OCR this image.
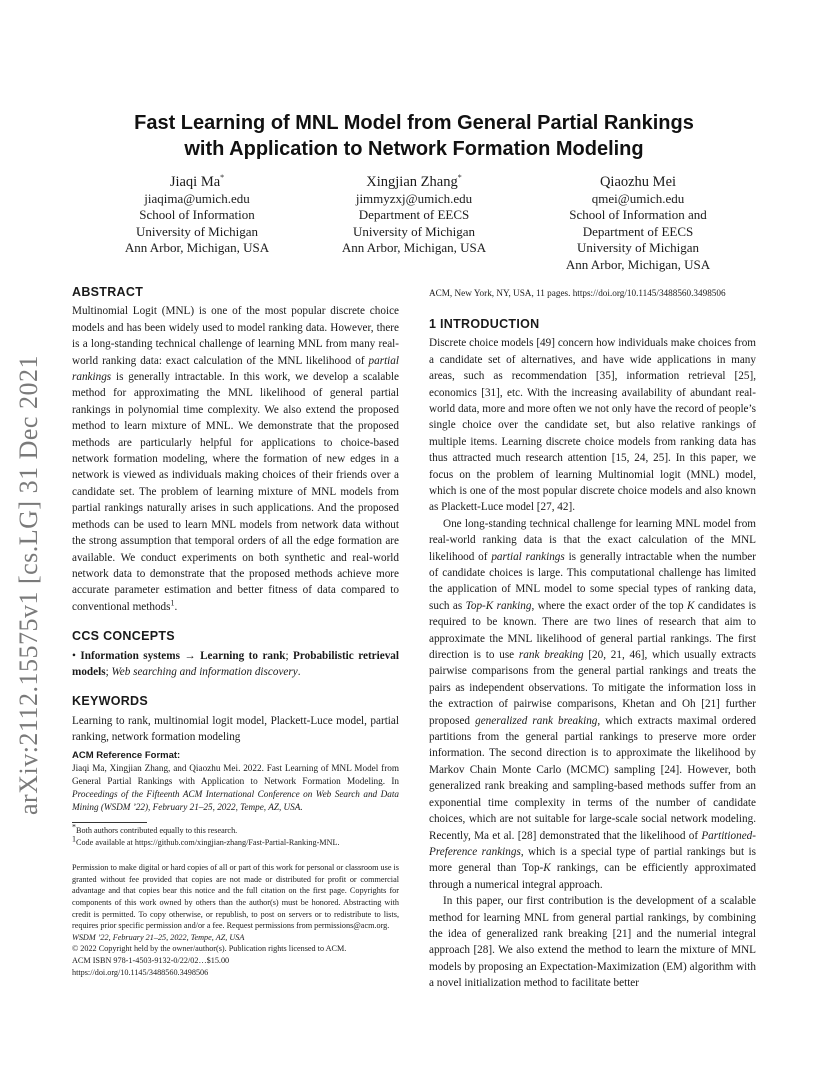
arXiv:2112.15575v1 [cs.LG] 31 Dec 2021
Fast Learning of MNL Model from General Partial Rankings
with Application to Network Formation Modeling
Jiaqi Ma*
jiaqima@umich.edu
School of Information
University of Michigan
Ann Arbor, Michigan, USA
Xingjian Zhang*
jimmyzxj@umich.edu
Department of EECS
University of Michigan
Ann Arbor, Michigan, USA
Qiaozhu Mei
qmei@umich.edu
School of Information and
Department of EECS
University of Michigan
Ann Arbor, Michigan, USA
ABSTRACT

Multinomial Logit (MNL) is one of the most popular discrete choice models and has been widely used to model ranking data. However, there is a long-standing technical challenge of learning MNL from many real-world ranking data: exact calculation of the MNL likelihood of partial rankings is generally intractable. In this work, we develop a scalable method for approximating the MNL likelihood of general partial rankings in polynomial time complexity. We also extend the proposed method to learn mixture of MNL. We demonstrate that the proposed methods are particularly helpful for applications to choice-based network formation modeling, where the formation of new edges in a network is viewed as individuals making choices of their friends over a candidate set. The problem of learning mixture of MNL models from partial rankings naturally arises in such applications. And the proposed methods can be used to learn MNL models from network data without the strong assumption that temporal orders of all the edge formation are available. We conduct experiments on both synthetic and real-world network data to demonstrate that the proposed methods achieve more accurate parameter estimation and better fitness of data compared to conventional methods$^1$.

CCS CONCEPTS

• Information systems → Learning to rank; Probabilistic retrieval models; Web searching and information discovery.

KEYWORDS

Learning to rank, multinomial logit model, Plackett-Luce model, partial ranking, network formation modeling

ACM Reference Format:

Jiaqi Ma, Xingjian Zhang, and Qiaozhu Mei. 2022. Fast Learning of MNL Model from General Partial Rankings with Application to Network Formation Modeling. In Proceedings of the Fifteenth ACM International Conference on Web Search and Data Mining (WSDM ’22), February 21–25, 2022, Tempe, AZ, USA.

*Both authors contributed equally to this research.
1Code available at https://github.com/xingjian-zhang/Fast-Partial-Ranking-MNL.

Permission to make digital or hard copies of all or part of this work for personal or classroom use is granted without fee provided that copies are not made or distributed for profit or commercial advantage and that copies bear this notice and the full citation on the first page. Copyrights for components of this work owned by others than the author(s) must be honored. Abstracting with credit is permitted. To copy otherwise, or republish, to post on servers or to redistribute to lists, requires prior specific permission and/or a fee. Request permissions from permissions@acm.org.

WSDM ’22, February 21–25, 2022, Tempe, AZ, USA
© 2022 Copyright held by the owner/author(s). Publication rights licensed to ACM.
ACM ISBN 978-1-4503-9132-0/22/02…$15.00
https://doi.org/10.1145/3488560.3498506

ACM, New York, NY, USA, 11 pages. https://doi.org/10.1145/3488560.3498506

1 INTRODUCTION

Discrete choice models [49] concern how individuals make choices from a candidate set of alternatives, and have wide applications in many areas, such as recommendation [35], information retrieval [25], economics [31], etc. With the increasing availability of abundant real-world data, more and more often we not only have the record of people’s single choice over the candidate set, but also relative rankings of multiple items. Learning discrete choice models from ranking data has thus attracted much research attention [15, 24, 25]. In this paper, we focus on the problem of learning Multinomial logit (MNL) model, which is one of the most popular discrete choice models and also known as Plackett-Luce model [27, 42].

One long-standing technical challenge for learning MNL model from real-world ranking data is that the exact calculation of the MNL likelihood of partial rankings is generally intractable when the number of candidate choices is large. This computational challenge has limited the application of MNL model to some special types of ranking data, such as Top-K ranking, where the exact order of the top K candidates is required to be known. There are two lines of research that aim to approximate the MNL likelihood of general partial rankings. The first direction is to use rank breaking [20, 21, 46], which usually extracts pairwise comparisons from the general partial rankings and treats the pairs as independent observations. To mitigate the information loss in the extraction of pairwise comparisons, Khetan and Oh [21] further proposed generalized rank breaking, which extracts maximal ordered partitions from the general partial rankings to preserve more order information. The second direction is to approximate the likelihood by Markov Chain Monte Carlo (MCMC) sampling [24]. However, both generalized rank breaking and sampling-based methods suffer from an exponential time complexity in terms of the number of candidate choices, which are not suitable for large-scale social network modeling. Recently, Ma et al. [28] demonstrated that the likelihood of Partitioned-Preference rankings, which is a special type of partial rankings but is more general than Top-K rankings, can be efficiently approximated through a numerical integral approach.

In this paper, our first contribution is the development of a scalable method for learning MNL from general partial rankings, by combining the idea of generalized rank breaking [21] and the numerial integral approach [28]. We also extend the method to learn the mixture of MNL models by proposing an Expectation-Maximization (EM) algorithm with a novel initialization method to facilitate better
